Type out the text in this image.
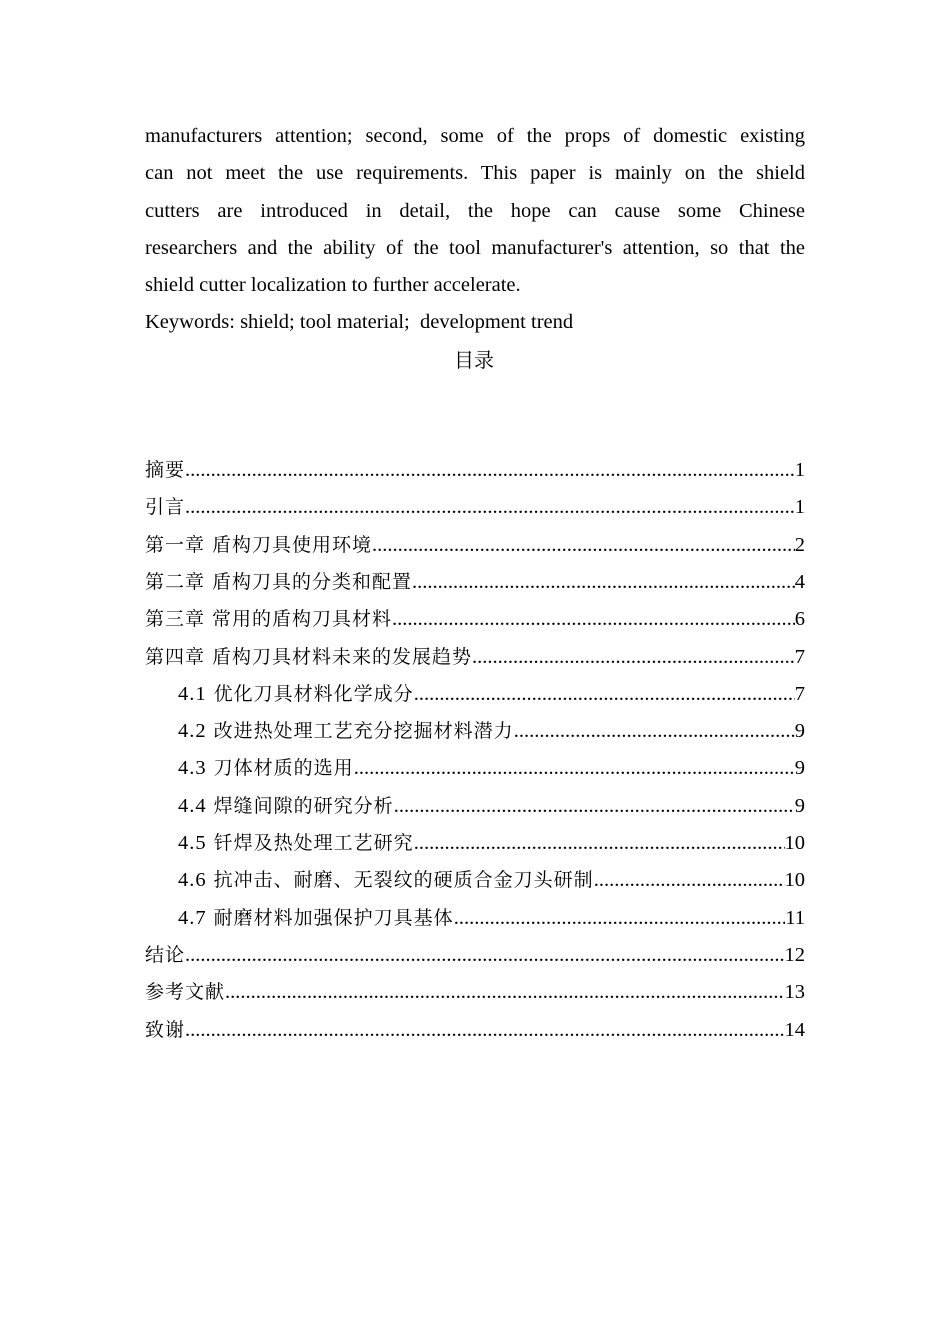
manufacturers attention; second, some of the props of domestic existing
can not meet the use requirements. This paper is mainly on the shield
cutters are introduced in detail, the hope can cause some Chinese
researchers and the ability of the tool manufacturer's attention, so that the
shield cutter localization to further accelerate.
Keywords: shield; tool material;  development trend
目录
摘要 .....	1
引言 .....	1
第一章 盾构刀具使用环境 .....	2
第二章 盾构刀具的分类和配置 .....	4
第三章 常用的盾构刀具材料 .....	6
第四章 盾构刀具材料未来的发展趋势 .....	7
4.1 优化刀具材料化学成分 .....	7
4.2 改进热处理工艺充分挖掘材料潜力 .....	9
4.3 刀体材质的选用 .....	9
4.4 焊缝间隙的研究分析 .....	9
4.5 钎焊及热处理工艺研究 .....	10
4.6 抗冲击、耐磨、无裂纹的硬质合金刀头研制 .....	10
4.7 耐磨材料加强保护刀具基体 .....	11
结论 .....	12
参考文献 .....	13
致谢 .....	14
